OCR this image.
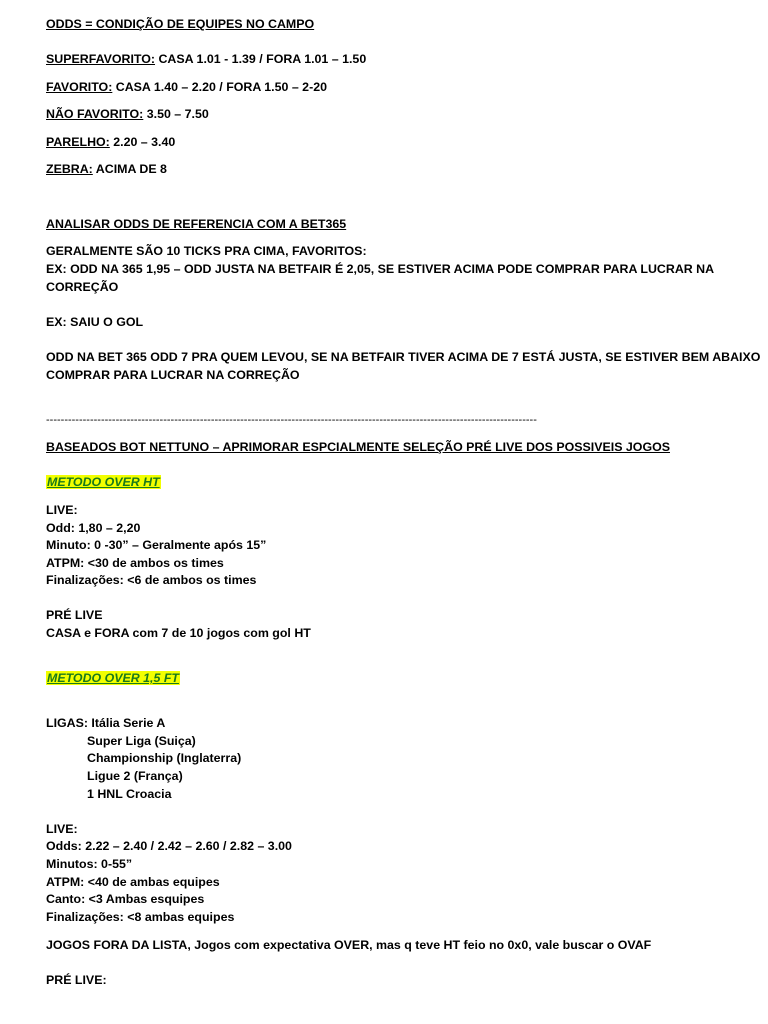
ODDS = CONDIÇÃO DE EQUIPES NO CAMPO
SUPERFAVORITO: CASA 1.01 - 1.39 / FORA 1.01 – 1.50
FAVORITO: CASA 1.40 – 2.20 / FORA 1.50 – 2-20
NÃO FAVORITO: 3.50 – 7.50
PARELHO: 2.20 – 3.40
ZEBRA: ACIMA DE 8
ANALISAR ODDS DE REFERENCIA COM A BET365
GERALMENTE SÃO 10 TICKS PRA CIMA, FAVORITOS:
EX: ODD NA 365 1,95 – ODD JUSTA NA BETFAIR É 2,05, SE ESTIVER ACIMA PODE COMPRAR PARA LUCRAR NA
CORREÇÃO
EX: SAIU O GOL
ODD NA BET 365 ODD 7 PRA QUEM LEVOU, SE NA BETFAIR TIVER ACIMA DE 7 ESTÁ JUSTA, SE ESTIVER BEM ABAIXO
COMPRAR PARA LUCRAR NA CORREÇÃO
--------------------------------------------------------------------------------------------------------------------------------------
BASEADOS BOT NETTUNO – APRIMORAR ESPCIALMENTE SELEÇÃO PRÉ LIVE DOS POSSIVEIS JOGOS
METODO OVER HT
LIVE:
Odd: 1,80 – 2,20
Minuto: 0 -30” – Geralmente após 15”
ATPM: <30 de ambos os times
Finalizações: <6 de ambos os times
PRÉ LIVE
CASA e FORA com 7 de 10 jogos com gol HT
METODO OVER 1,5 FT
LIGAS: Itália Serie A
Super Liga (Suiça)
Championship (Inglaterra)
Ligue 2 (França)
1 HNL Croacia
LIVE:
Odds: 2.22 – 2.40 / 2.42 – 2.60 / 2.82 – 3.00
Minutos: 0-55”
ATPM: <40 de ambas equipes
Canto: <3 Ambas esquipes
Finalizações: <8 ambas equipes
JOGOS FORA DA LISTA, Jogos com expectativa OVER, mas q teve HT feio no 0x0, vale buscar o OVAF
PRÉ LIVE:
